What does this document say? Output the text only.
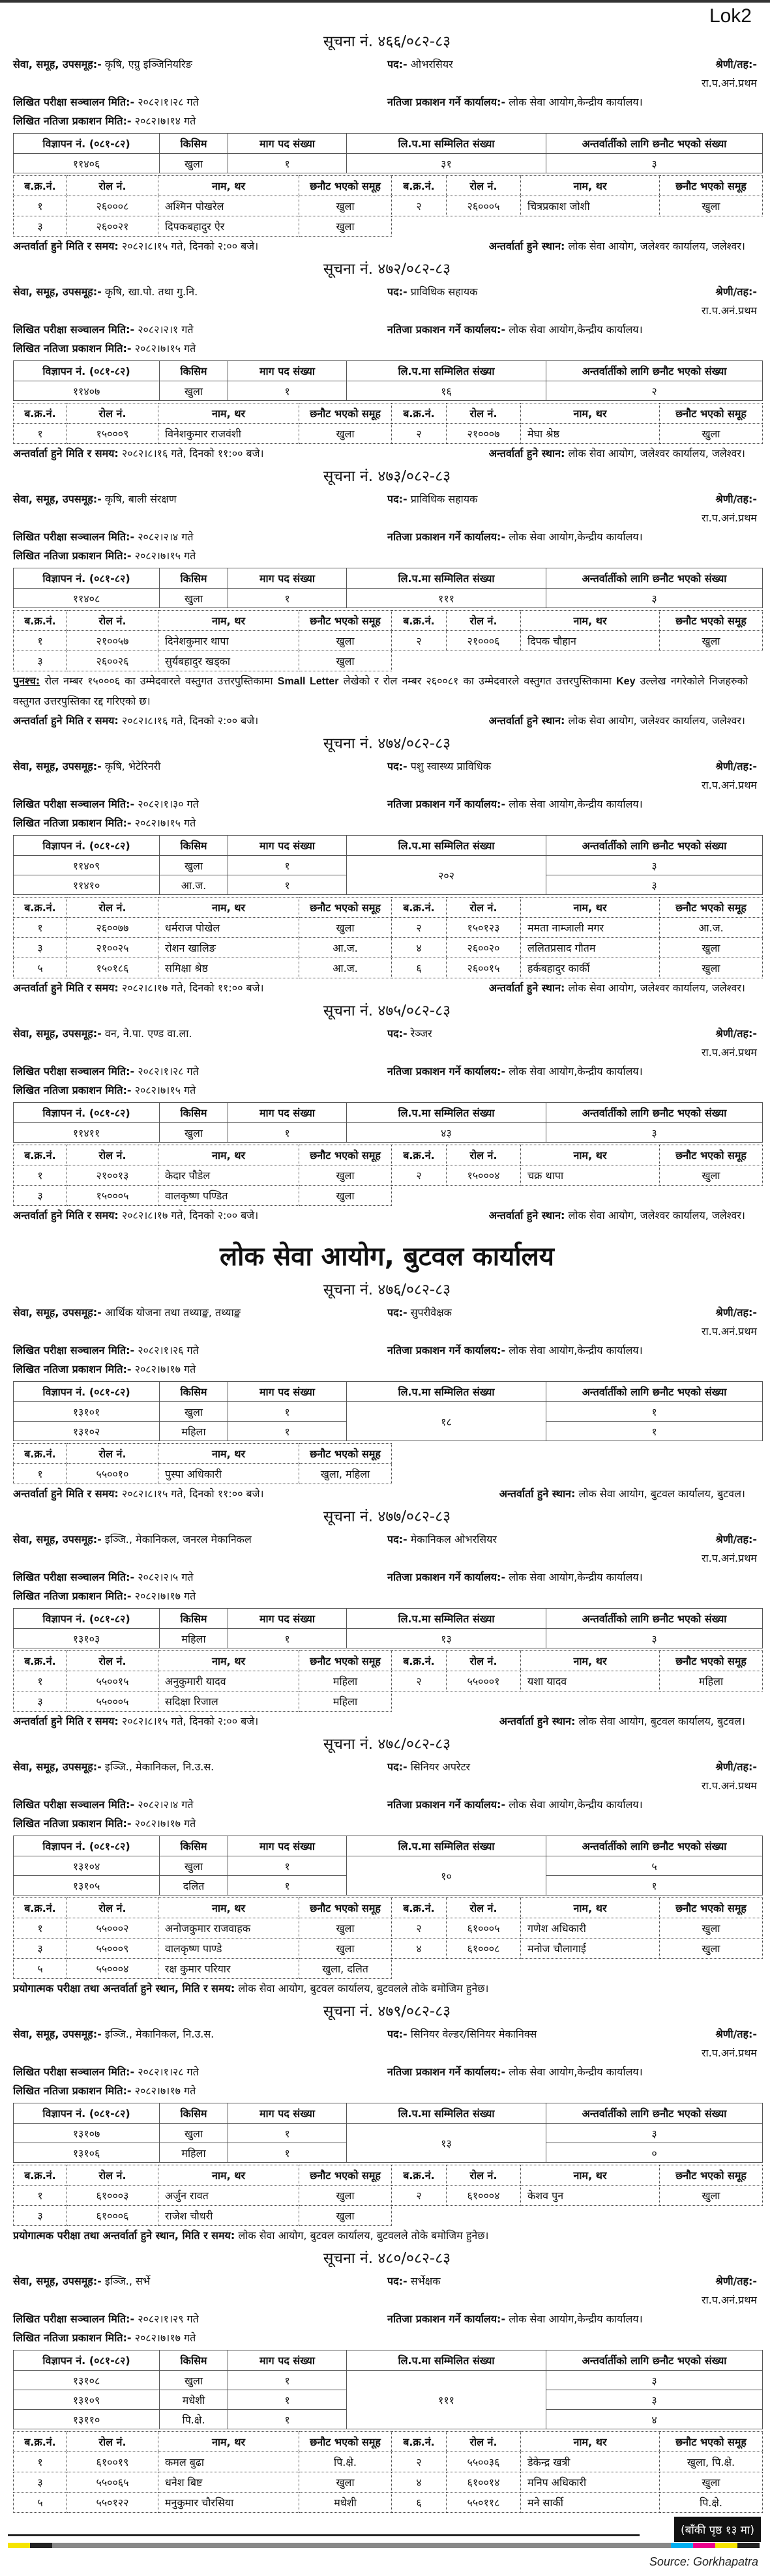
Lok2
सूचना नं. ४६६/०८२-८३
सेवा, समूह, उपसमूह:- कृषि, एग्रु इञ्जिनियरिङ	पद:- ओभरसियर	श्रेणी/तह:- रा.प.अनं.प्रथम
लिखित परीक्षा सञ्चालन मिति:- २०८२।१।२८ गते	नतिजा प्रकाशन गर्ने कार्यालय:- लोक सेवा आयोग,केन्द्रीय कार्यालय।
लिखित नतिजा प्रकाशन मिति:- २०८२।७।१४ गते
विज्ञापन नं. (०८१-८२)	किसिम	माग पद संख्या	लि.प.मा सम्मिलित संख्या	अन्तर्वार्तीको लागि छनौट भएको संख्या
११४०६	खुला	१	३१	३
ब.क्र.नं.	रोल नं.	नाम, थर	छनौट भएको समूह	ब.क्र.नं.	रोल नं.	नाम, थर	छनौट भएको समूह
१	२६०००८	अश्मिन पोखरेल	खुला	२	२६०००५	चित्रप्रकाश जोशी	खुला
३	२६००२१	दिपकबहादुर ऐर	खुला				
अन्तर्वार्ता हुने मिति र समय: २०८२।८।१५ गते, दिनको २:०० बजे।	अन्तर्वार्ता हुने स्थान: लोक सेवा आयोग, जलेश्वर कार्यालय, जलेश्वर।
सूचना नं. ४७२/०८२-८३
सेवा, समूह, उपसमूह:- कृषि, खा.पो. तथा गु.नि.	पद:- प्राविधिक सहायक	श्रेणी/तह:- रा.प.अनं.प्रथम
लिखित परीक्षा सञ्चालन मिति:- २०८२।२।१ गते	नतिजा प्रकाशन गर्ने कार्यालय:- लोक सेवा आयोग,केन्द्रीय कार्यालय।
लिखित नतिजा प्रकाशन मिति:- २०८२।७।१५ गते
विज्ञापन नं. (०८१-८२)	किसिम	माग पद संख्या	लि.प.मा सम्मिलित संख्या	अन्तर्वार्तीको लागि छनौट भएको संख्या
११४०७	खुला	१	१६	२
ब.क्र.नं.	रोल नं.	नाम, थर	छनौट भएको समूह	ब.क्र.नं.	रोल नं.	नाम, थर	छनौट भएको समूह
१	१५०००९	विनेशकुमार राजवंशी	खुला	२	२१०००७	मेघा श्रेष्ठ	खुला
अन्तर्वार्ता हुने मिति र समय: २०८२।८।१६ गते, दिनको ११:०० बजे।	अन्तर्वार्ता हुने स्थान: लोक सेवा आयोग, जलेश्वर कार्यालय, जलेश्वर।
सूचना नं. ४७३/०८२-८३
सेवा, समूह, उपसमूह:- कृषि, बाली संरक्षण	पद:- प्राविधिक सहायक	श्रेणी/तह:- रा.प.अनं.प्रथम
लिखित परीक्षा सञ्चालन मिति:- २०८२।२।४ गते	नतिजा प्रकाशन गर्ने कार्यालय:- लोक सेवा आयोग,केन्द्रीय कार्यालय।
लिखित नतिजा प्रकाशन मिति:- २०८२।७।१५ गते
विज्ञापन नं. (०८१-८२)	किसिम	माग पद संख्या	लि.प.मा सम्मिलित संख्या	अन्तर्वार्तीको लागि छनौट भएको संख्या
११४०८	खुला	१	१११	३
ब.क्र.नं.	रोल नं.	नाम, थर	छनौट भएको समूह	ब.क्र.नं.	रोल नं.	नाम, थर	छनौट भएको समूह
१	२१००५७	दिनेशकुमार थापा	खुला	२	२१०००६	दिपक चौहान	खुला
३	२६००२६	सुर्यबहादुर खड्का	खुला				
पुनश्च: रोल नम्बर १५०००६ का उम्मेदवारले वस्तुगत उत्तरपुस्तिकामा Small Letter लेखेको र रोल नम्बर २६००८१ का उम्मेदवारले वस्तुगत उत्तरपुस्तिकामा Key उल्लेख नगरेकोले निजहरुको वस्तुगत उत्तरपुस्तिका रद्द गरिएको छ।
अन्तर्वार्ता हुने मिति र समय: २०८२।८।१६ गते, दिनको २:०० बजे।	अन्तर्वार्ता हुने स्थान: लोक सेवा आयोग, जलेश्वर कार्यालय, जलेश्वर।
सूचना नं. ४७४/०८२-८३
सेवा, समूह, उपसमूह:- कृषि, भेटेरिनरी	पद:- पशु स्वास्थ्य प्राविधिक	श्रेणी/तह:- रा.प.अनं.प्रथम
लिखित परीक्षा सञ्चालन मिति:- २०८२।१।३० गते	नतिजा प्रकाशन गर्ने कार्यालय:- लोक सेवा आयोग,केन्द्रीय कार्यालय।
लिखित नतिजा प्रकाशन मिति:- २०८२।७।१५ गते
विज्ञापन नं. (०८१-८२)	किसिम	माग पद संख्या	लि.प.मा सम्मिलित संख्या	अन्तर्वार्तीको लागि छनौट भएको संख्या
११४०९	खुला	१	२०२	३
११४१०	आ.ज.	१		३
ब.क्र.नं.	रोल नं.	नाम, थर	छनौट भएको समूह	ब.क्र.नं.	रोल नं.	नाम, थर	छनौट भएको समूह
१	२६००७७	धर्मराज पोखेल	खुला	२	१५०१२३	ममता नाम्जाली मगर	आ.ज.
३	२१००२५	रोशन खालिङ	आ.ज.	४	२६००२०	ललितप्रसाद गौतम	खुला
५	१५०१८६	समिक्षा श्रेष्ठ	आ.ज.	६	२६००१५	हर्कबहादुर कार्की	खुला
अन्तर्वार्ता हुने मिति र समय: २०८२।८।१७ गते, दिनको ११:०० बजे।	अन्तर्वार्ता हुने स्थान: लोक सेवा आयोग, जलेश्वर कार्यालय, जलेश्वर।
सूचना नं. ४७५/०८२-८३
सेवा, समूह, उपसमूह:- वन, ने.पा. एण्ड वा.ला.	पद:- रेञ्जर	श्रेणी/तह:- रा.प.अनं.प्रथम
लिखित परीक्षा सञ्चालन मिति:- २०८२।१।२८ गते	नतिजा प्रकाशन गर्ने कार्यालय:- लोक सेवा आयोग,केन्द्रीय कार्यालय।
लिखित नतिजा प्रकाशन मिति:- २०८२।७।१५ गते
विज्ञापन नं. (०८१-८२)	किसिम	माग पद संख्या	लि.प.मा सम्मिलित संख्या	अन्तर्वार्तीको लागि छनौट भएको संख्या
११४११	खुला	१	४३	३
ब.क्र.नं.	रोल नं.	नाम, थर	छनौट भएको समूह	ब.क्र.नं.	रोल नं.	नाम, थर	छनौट भएको समूह
१	२१००१३	केदार पौडेल	खुला	२	१५०००४	चक्र थापा	खुला
३	१५०००५	वालकृष्ण पण्डित	खुला				
अन्तर्वार्ता हुने मिति र समय: २०८२।८।१७ गते, दिनको २:०० बजे।	अन्तर्वार्ता हुने स्थान: लोक सेवा आयोग, जलेश्वर कार्यालय, जलेश्वर।
लोक सेवा आयोग, बुटवल कार्यालय
सूचना नं. ४७६/०८२-८३
सेवा, समूह, उपसमूह:- आर्थिक योजना तथा तथ्याङ्क, तथ्याङ्क	पद:- सुपरीवेक्षक	श्रेणी/तह:- रा.प.अनं.प्रथम
लिखित परीक्षा सञ्चालन मिति:- २०८२।१।२६ गते	नतिजा प्रकाशन गर्ने कार्यालय:- लोक सेवा आयोग,केन्द्रीय कार्यालय।
लिखित नतिजा प्रकाशन मिति:- २०८२।७।१७ गते
विज्ञापन नं. (०८१-८२)	किसिम	माग पद संख्या	लि.प.मा सम्मिलित संख्या	अन्तर्वार्तीको लागि छनौट भएको संख्या
१३१०१	खुला	१	१८	१
१३१०२	महिला	१		१
ब.क्र.नं.	रोल नं.	नाम, थर	छनौट भएको समूह
१	५५००१०	पुस्पा अधिकारी	खुला, महिला
अन्तर्वार्ता हुने मिति र समय: २०८२।८।१५ गते, दिनको ११:०० बजे।	अन्तर्वार्ता हुने स्थान: लोक सेवा आयोग, बुटवल कार्यालय, बुटवल।
सूचना नं. ४७७/०८२-८३
सेवा, समूह, उपसमूह:- इञ्जि., मेकानिकल, जनरल मेकानिकल	पद:- मेकानिकल ओभरसियर	श्रेणी/तह:- रा.प.अनं.प्रथम
लिखित परीक्षा सञ्चालन मिति:- २०८२।२।५ गते	नतिजा प्रकाशन गर्ने कार्यालय:- लोक सेवा आयोग,केन्द्रीय कार्यालय।
लिखित नतिजा प्रकाशन मिति:- २०८२।७।१७ गते
विज्ञापन नं. (०८१-८२)	किसिम	माग पद संख्या	लि.प.मा सम्मिलित संख्या	अन्तर्वार्तीको लागि छनौट भएको संख्या
१३१०३	महिला	१	१३	३
ब.क्र.नं.	रोल नं.	नाम, थर	छनौट भएको समूह	ब.क्र.नं.	रोल नं.	नाम, थर	छनौट भएको समूह
१	५५००१५	अनुकुमारी यादव	महिला	२	५५०००१	यशा यादव	महिला
३	५५०००५	सदिक्षा रिजाल	महिला				
अन्तर्वार्ता हुने मिति र समय: २०८२।८।१५ गते, दिनको २:०० बजे।	अन्तर्वार्ता हुने स्थान: लोक सेवा आयोग, बुटवल कार्यालय, बुटवल।
सूचना नं. ४७८/०८२-८३
सेवा, समूह, उपसमूह:- इञ्जि., मेकानिकल, नि.उ.स.	पद:- सिनियर अपरेटर	श्रेणी/तह:- रा.प.अनं.प्रथम
लिखित परीक्षा सञ्चालन मिति:- २०८२।२।४ गते	नतिजा प्रकाशन गर्ने कार्यालय:- लोक सेवा आयोग,केन्द्रीय कार्यालय।
लिखित नतिजा प्रकाशन मिति:- २०८२।७।१७ गते
विज्ञापन नं. (०८१-८२)	किसिम	माग पद संख्या	लि.प.मा सम्मिलित संख्या	अन्तर्वार्तीको लागि छनौट भएको संख्या
१३१०४	खुला	१	१०	५
१३१०५	दलित	१		१
ब.क्र.नं.	रोल नं.	नाम, थर	छनौट भएको समूह	ब.क्र.नं.	रोल नं.	नाम, थर	छनौट भएको समूह
१	५५०००२	अनोजकुमार राजवाहक	खुला	२	६१०००५	गणेश अधिकारी	खुला
३	५५०००९	वालकृष्ण पाण्डे	खुला	४	६१०००८	मनोज चौलागाई	खुला
५	५५०००४	रक्ष कुमार परियार	खुला, दलित				
प्रयोगात्मक परीक्षा तथा अन्तर्वार्ता हुने स्थान, मिति र समय: लोक सेवा आयोग, बुटवल कार्यालय, बुटवलले तोके बमोजिम हुनेछ।
सूचना नं. ४७९/०८२-८३
सेवा, समूह, उपसमूह:- इञ्जि., मेकानिकल, नि.उ.स.	पद:- सिनियर वेल्डर/सिनियर मेकानिक्स	श्रेणी/तह:- रा.प.अनं.प्रथम
लिखित परीक्षा सञ्चालन मिति:- २०८२।१।२८ गते	नतिजा प्रकाशन गर्ने कार्यालय:- लोक सेवा आयोग,केन्द्रीय कार्यालय।
लिखित नतिजा प्रकाशन मिति:- २०८२।७।१७ गते
विज्ञापन नं. (०८१-८२)	किसिम	माग पद संख्या	लि.प.मा सम्मिलित संख्या	अन्तर्वार्तीको लागि छनौट भएको संख्या
१३१०७	खुला	१	१३	३
१३१०६	महिला	१		०
ब.क्र.नं.	रोल नं.	नाम, थर	छनौट भएको समूह	ब.क्र.नं.	रोल नं.	नाम, थर	छनौट भएको समूह
१	६१०००३	अर्जुन रावत	खुला	२	६१०००४	केशव पुन	खुला
३	६१०००६	राजेश चौधरी	खुला				
प्रयोगात्मक परीक्षा तथा अन्तर्वार्ता हुने स्थान, मिति र समय: लोक सेवा आयोग, बुटवल कार्यालय, बुटवलले तोके बमोजिम हुनेछ।
सूचना नं. ४८०/०८२-८३
सेवा, समूह, उपसमूह:- इञ्जि., सर्भे	पद:- सर्भेक्षक	श्रेणी/तह:- रा.प.अनं.प्रथम
लिखित परीक्षा सञ्चालन मिति:- २०८२।१।२९ गते	नतिजा प्रकाशन गर्ने कार्यालय:- लोक सेवा आयोग,केन्द्रीय कार्यालय।
लिखित नतिजा प्रकाशन मिति:- २०८२।७।१७ गते
विज्ञापन नं. (०८१-८२)	किसिम	माग पद संख्या	लि.प.मा सम्मिलित संख्या	अन्तर्वार्तीको लागि छनौट भएको संख्या
१३१०८	खुला	१	१११	३
१३१०९	मधेशी	१		३
१३११०	पि.क्षे.	१		४
ब.क्र.नं.	रोल नं.	नाम, थर	छनौट भएको समूह	ब.क्र.नं.	रोल नं.	नाम, थर	छनौट भएको समूह
१	६१००१९	कमल बुढा	पि.क्षे.	२	५५००३६	डेकेन्द्र खत्री	खुला, पि.क्षे.
३	५५००६५	धनेश बिष्ट	खुला	४	६१००१४	मनिप अधिकारी	खुला
५	५५०१२२	मनुकुमार चौरसिया	मधेशी	६	५५०११८	मने सार्की	पि.क्षे.
(बाँकी पृष्ठ १३ मा)
Source: Gorkhapatra
